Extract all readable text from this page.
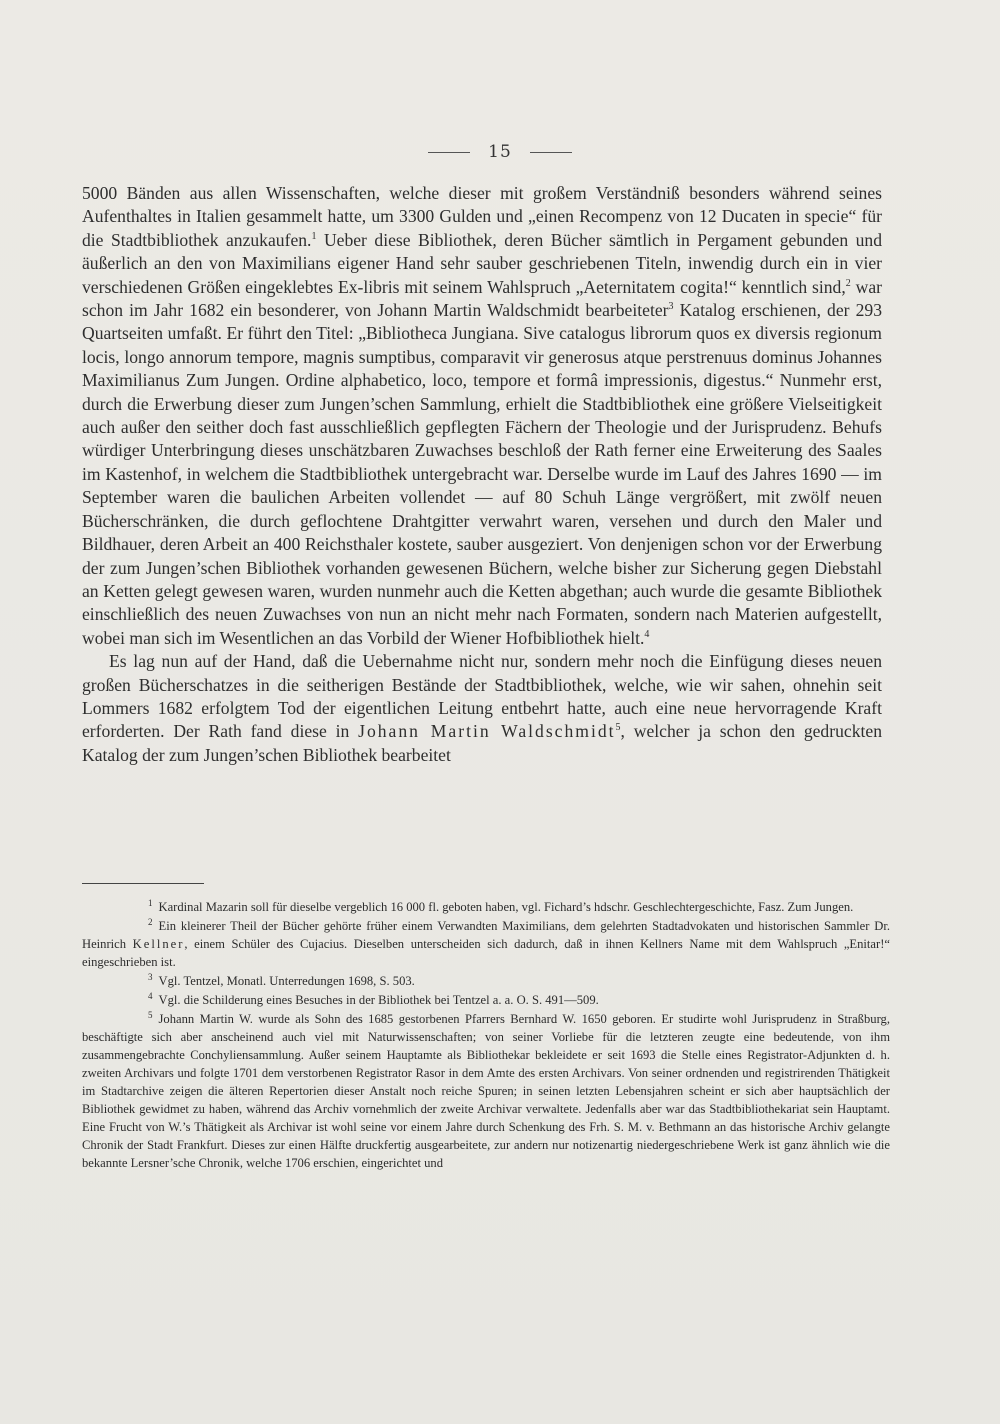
15

5000 Bänden aus allen Wissenschaften, welche dieser mit großem Verständniß besonders während seines Aufenthaltes in Italien gesammelt hatte, um 3300 Gulden und „einen Recompenz von 12 Ducaten in specie“ für die Stadtbibliothek anzukaufen.$^1$ Ueber diese Bibliothek, deren Bücher sämtlich in Pergament gebunden und äußerlich an den von Maximilians eigener Hand sehr sauber geschriebenen Titeln, inwendig durch ein in vier verschiedenen Größen eingeklebtes Ex-libris mit seinem Wahlspruch „Aeternitatem cogita!“ kenntlich sind,$^2$ war schon im Jahr 1682 ein besonderer, von Johann Martin Waldschmidt bearbeiteter$^3$ Katalog erschienen, der 293 Quartseiten umfaßt. Er führt den Titel: „Bibliotheca Jungiana. Sive catalogus librorum quos ex diversis regionum locis, longo annorum tempore, magnis sumptibus, comparavit vir generosus atque perstrenuus dominus Johannes Maximilianus Zum Jungen. Ordine alphabetico, loco, tempore et formâ impressionis, digestus.“ Nunmehr erst, durch die Erwerbung dieser zum Jungen’schen Sammlung, erhielt die Stadtbibliothek eine größere Vielseitigkeit auch außer den seither doch fast ausschließlich gepflegten Fächern der Theologie und der Jurisprudenz. Behufs würdiger Unterbringung dieses unschätzbaren Zuwachses beschloß der Rath ferner eine Erweiterung des Saales im Kastenhof, in welchem die Stadtbibliothek untergebracht war. Derselbe wurde im Lauf des Jahres 1690 — im September waren die baulichen Arbeiten vollendet — auf 80 Schuh Länge vergrößert, mit zwölf neuen Bücherschränken, die durch geflochtene Drahtgitter verwahrt waren, versehen und durch den Maler und Bildhauer, deren Arbeit an 400 Reichsthaler kostete, sauber ausgeziert. Von denjenigen schon vor der Erwerbung der zum Jungen’schen Bibliothek vorhanden gewesenen Büchern, welche bisher zur Sicherung gegen Diebstahl an Ketten gelegt gewesen waren, wurden nunmehr auch die Ketten abgethan; auch wurde die gesamte Bibliothek einschließlich des neuen Zuwachses von nun an nicht mehr nach Formaten, sondern nach Materien aufgestellt, wobei man sich im Wesentlichen an das Vorbild der Wiener Hofbibliothek hielt.$^4$

Es lag nun auf der Hand, daß die Uebernahme nicht nur, sondern mehr noch die Einfügung dieses neuen großen Bücherschatzes in die seitherigen Bestände der Stadtbibliothek, welche, wie wir sahen, ohnehin seit Lommers 1682 erfolgtem Tod der eigentlichen Leitung entbehrt hatte, auch eine neue hervorragende Kraft erforderten. Der Rath fand diese in Johann Martin Waldschmidt$^5$, welcher ja schon den gedruckten Katalog der zum Jungen’schen Bibliothek bearbeitet

$^1$ Kardinal Mazarin soll für dieselbe vergeblich 16 000 fl. geboten haben, vgl. Fichard’s hdschr. Geschlechtergeschichte, Fasz. Zum Jungen.

$^2$ Ein kleinerer Theil der Bücher gehörte früher einem Verwandten Maximilians, dem gelehrten Stadtadvokaten und historischen Sammler Dr. Heinrich Kellner, einem Schüler des Cujacius. Dieselben unterscheiden sich dadurch, daß in ihnen Kellners Name mit dem Wahlspruch „Enitar!“ eingeschrieben ist.

$^3$ Vgl. Tentzel, Monatl. Unterredungen 1698, S. 503.

$^4$ Vgl. die Schilderung eines Besuches in der Bibliothek bei Tentzel a. a. O. S. 491—509.

$^5$ Johann Martin W. wurde als Sohn des 1685 gestorbenen Pfarrers Bernhard W. 1650 geboren. Er studirte wohl Jurisprudenz in Straßburg, beschäftigte sich aber anscheinend auch viel mit Naturwissenschaften; von seiner Vorliebe für die letzteren zeugte eine bedeutende, von ihm zusammengebrachte Conchyliensammlung. Außer seinem Hauptamte als Bibliothekar bekleidete er seit 1693 die Stelle eines Registrator-Adjunkten d. h. zweiten Archivars und folgte 1701 dem verstorbenen Registrator Rasor in dem Amte des ersten Archivars. Von seiner ordnenden und registrirenden Thätigkeit im Stadtarchive zeigen die älteren Repertorien dieser Anstalt noch reiche Spuren; in seinen letzten Lebensjahren scheint er sich aber hauptsächlich der Bibliothek gewidmet zu haben, während das Archiv vornehmlich der zweite Archivar verwaltete. Jedenfalls aber war das Stadtbibliothekariat sein Hauptamt. Eine Frucht von W.’s Thätigkeit als Archivar ist wohl seine vor einem Jahre durch Schenkung des Frh. S. M. v. Bethmann an das historische Archiv gelangte Chronik der Stadt Frankfurt. Dieses zur einen Hälfte druckfertig ausgearbeitete, zur andern nur notizenartig niedergeschriebene Werk ist ganz ähnlich wie die bekannte Lersner’sche Chronik, welche 1706 erschien, eingerichtet und
